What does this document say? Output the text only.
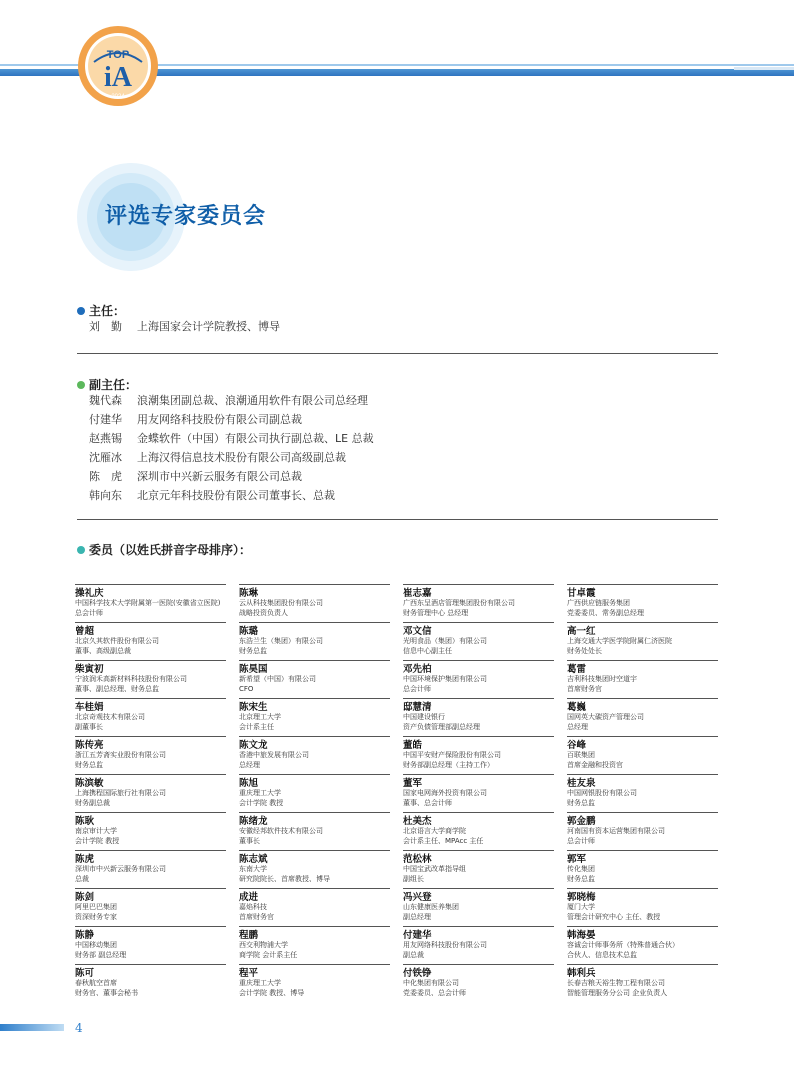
TOP
iA
2024
评选专家委员会
主任：
刘　勤	上海国家会计学院教授、博导
副主任：
魏代森	浪潮集团副总裁、浪潮通用软件有限公司总经理
付建华	用友网络科技股份有限公司副总裁
赵燕锡	金蝶软件（中国）有限公司执行副总裁、LE 总裁
沈雁冰	上海汉得信息技术股份有限公司高级副总裁
陈　虎	深圳市中兴新云服务有限公司总裁
韩向东	北京元年科技股份有限公司董事长、总裁
委员（以姓氏拼音字母排序）：
操礼庆
中国科学技术大学附属第一医院(安徽省立医院)
总会计师
陈琳
云从科技集团股份有限公司
战略投资负责人
崔志嘉
广西东呈酒店管理集团股份有限公司
财务管理中心 总经理
甘卓霞
广西供应链服务集团
党委委员、常务副总经理
曾超
北京久其软件股份有限公司
董事、高级副总裁
陈璐
东浩兰生（集团）有限公司
财务总监
邓文信
光明食品（集团）有限公司
信息中心副主任
高一红
上海交通大学医学院附属仁济医院
财务处处长
柴寅初
宁波润禾高新材料科技股份有限公司
董事、副总经理、财务总监
陈昊国
新希望（中国）有限公司
CFO
邓先柏
中国环境保护集团有限公司
总会计师
葛雷
吉利科技集团时空道宇
首席财务官
车桂娟
北京奇观技术有限公司
副董事长
陈宋生
北京理工大学
会计系主任
邸慧清
中国建设银行
资产负债管理部副总经理
葛巍
国网英大碳资产管理公司
总经理
陈传亮
浙江五芳斋实业股份有限公司
财务总监
陈文龙
香港中旅发展有限公司
总经理
董皓
中国平安财产保险股份有限公司
财务部副总经理（主持工作）
谷峰
百联集团
首席金融和投资官
陈滨敏
上海携程国际旅行社有限公司
财务副总裁
陈旭
重庆理工大学
会计学院 教授
董军
国家电网海外投资有限公司
董事、总会计师
桂友泉
中国网银股份有限公司
财务总监
陈耿
南京审计大学
会计学院 教授
陈绪龙
安徽经邦软件技术有限公司
董事长
杜美杰
北京语言大学商学院
会计系主任、MPAcc 主任
郭金鹏
河南国有资本运营集团有限公司
总会计师
陈虎
深圳市中兴新云服务有限公司
总裁
陈志斌
东南大学
研究院院长、首席教授、博导
范松林
中国宝武改革指导组
副组长
郭军
传化集团
财务总监
陈剑
阿里巴巴集团
资深财务专家
成进
嘉焰科技
首席财务官
冯兴登
山东健康医养集团
副总经理
郭晓梅
厦门大学
管理会计研究中心 主任、教授
陈静
中国移动集团
财务部 副总经理
程鹏
西交利物浦大学
商学院 会计系主任
付建华
用友网络科技股份有限公司
副总裁
韩海晏
容诚会计师事务所（特殊普通合伙）
合伙人、信息技术总监
陈可
春秋航空首席
财务官、董事会秘书
程平
重庆理工大学
会计学院 教授、博导
付铁铮
中化集团有限公司
党委委员、总会计师
韩利兵
长春吉粮天裕生物工程有限公司
智能管理服务分公司 企业负责人
4
